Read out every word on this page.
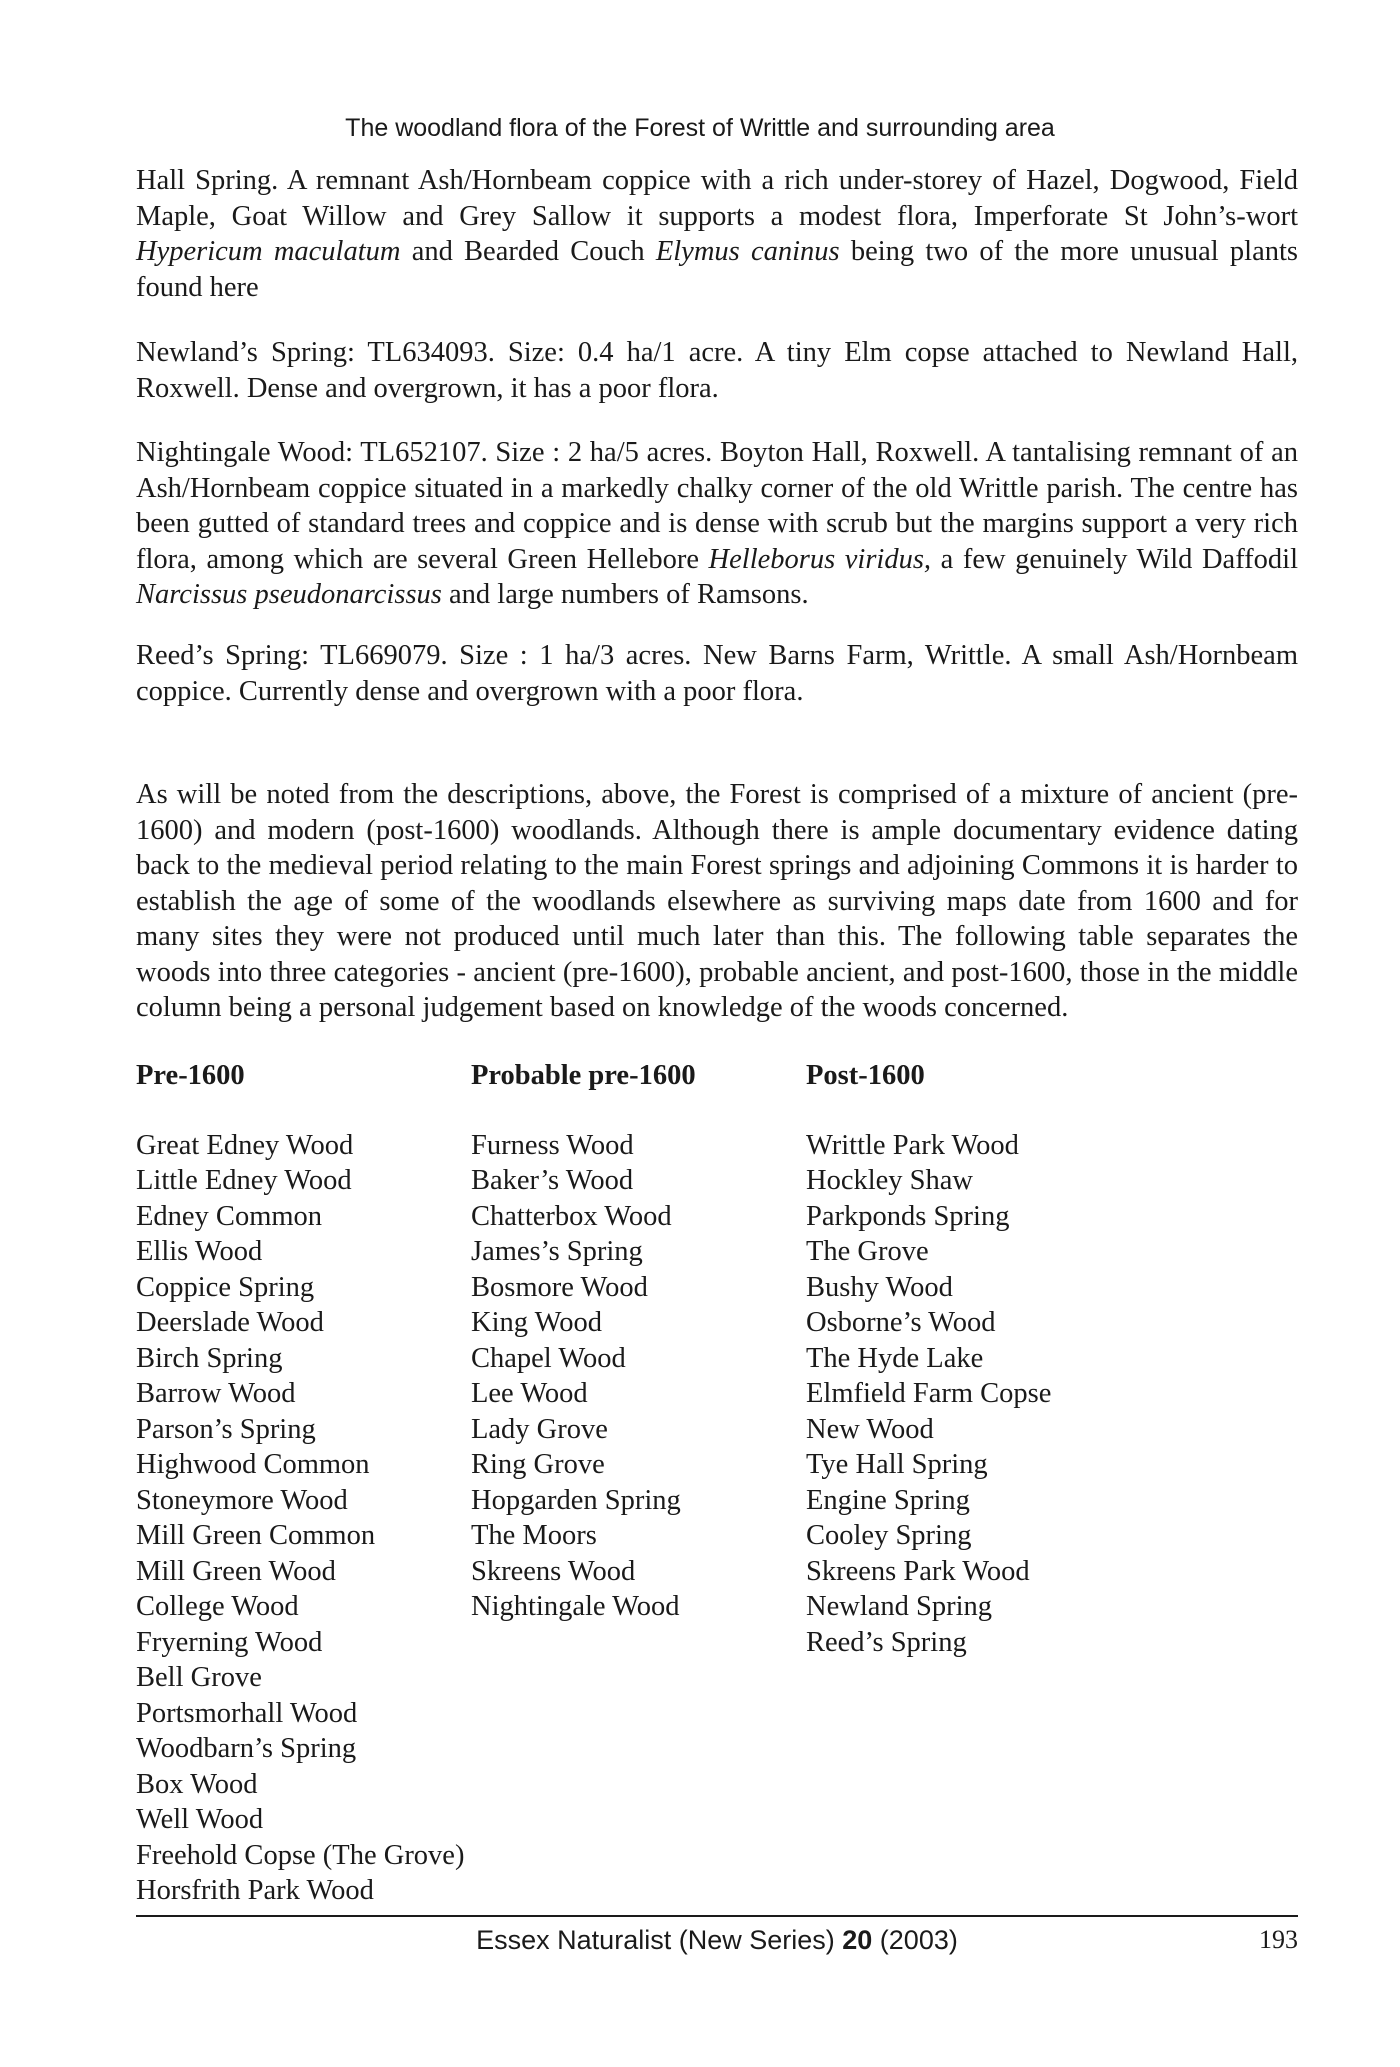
The woodland flora of the Forest of Writtle and surrounding area

Hall Spring. A remnant Ash/Hornbeam coppice with a rich under-storey of Hazel, Dogwood, Field Maple, Goat Willow and Grey Sallow it supports a modest flora, Imperforate St John’s-wort Hypericum maculatum and Bearded Couch Elymus caninus being two of the more unusual plants found here

Newland’s Spring: TL634093. Size: 0.4 ha/1 acre. A tiny Elm copse attached to Newland Hall, Roxwell. Dense and overgrown, it has a poor flora.

Nightingale Wood: TL652107. Size : 2 ha/5 acres. Boyton Hall, Roxwell. A tantalising remnant of an Ash/Hornbeam coppice situated in a markedly chalky corner of the old Writtle parish. The centre has been gutted of standard trees and coppice and is dense with scrub but the margins support a very rich flora, among which are several Green Hellebore Helleborus viridus, a few genuinely Wild Daffodil Narcissus pseudonarcissus and large numbers of Ramsons.

Reed’s Spring: TL669079. Size : 1 ha/3 acres. New Barns Farm, Writtle. A small Ash/Hornbeam coppice. Currently dense and overgrown with a poor flora.

As will be noted from the descriptions, above, the Forest is comprised of a mixture of ancient (pre-1600) and modern (post-1600) woodlands. Although there is ample documentary evidence dating back to the medieval period relating to the main Forest springs and adjoining Commons it is harder to establish the age of some of the woodlands elsewhere as surviving maps date from 1600 and for many sites they were not produced until much later than this. The following table separates the woods into three categories - ancient (pre-1600), probable ancient, and post-1600, those in the middle column being a personal judgement based on knowledge of the woods concerned.

Pre-1600
Great Edney Wood
Little Edney Wood
Edney Common
Ellis Wood
Coppice Spring
Deerslade Wood
Birch Spring
Barrow Wood
Parson’s Spring
Highwood Common
Stoneymore Wood
Mill Green Common
Mill Green Wood
College Wood
Fryerning Wood
Bell Grove
Portsmorhall Wood
Woodbarn’s Spring
Box Wood
Well Wood
Freehold Copse (The Grove)
Horsfrith Park Wood
Probable pre-1600
Furness Wood
Baker’s Wood
Chatterbox Wood
James’s Spring
Bosmore Wood
King Wood
Chapel Wood
Lee Wood
Lady Grove
Ring Grove
Hopgarden Spring
The Moors
Skreens Wood
Nightingale Wood
Post-1600
Writtle Park Wood
Hockley Shaw
Parkponds Spring
The Grove
Bushy Wood
Osborne’s Wood
The Hyde Lake
Elmfield Farm Copse
New Wood
Tye Hall Spring
Engine Spring
Cooley Spring
Skreens Park Wood
Newland Spring
Reed’s Spring
Essex Naturalist (New Series) 20 (2003)	193
